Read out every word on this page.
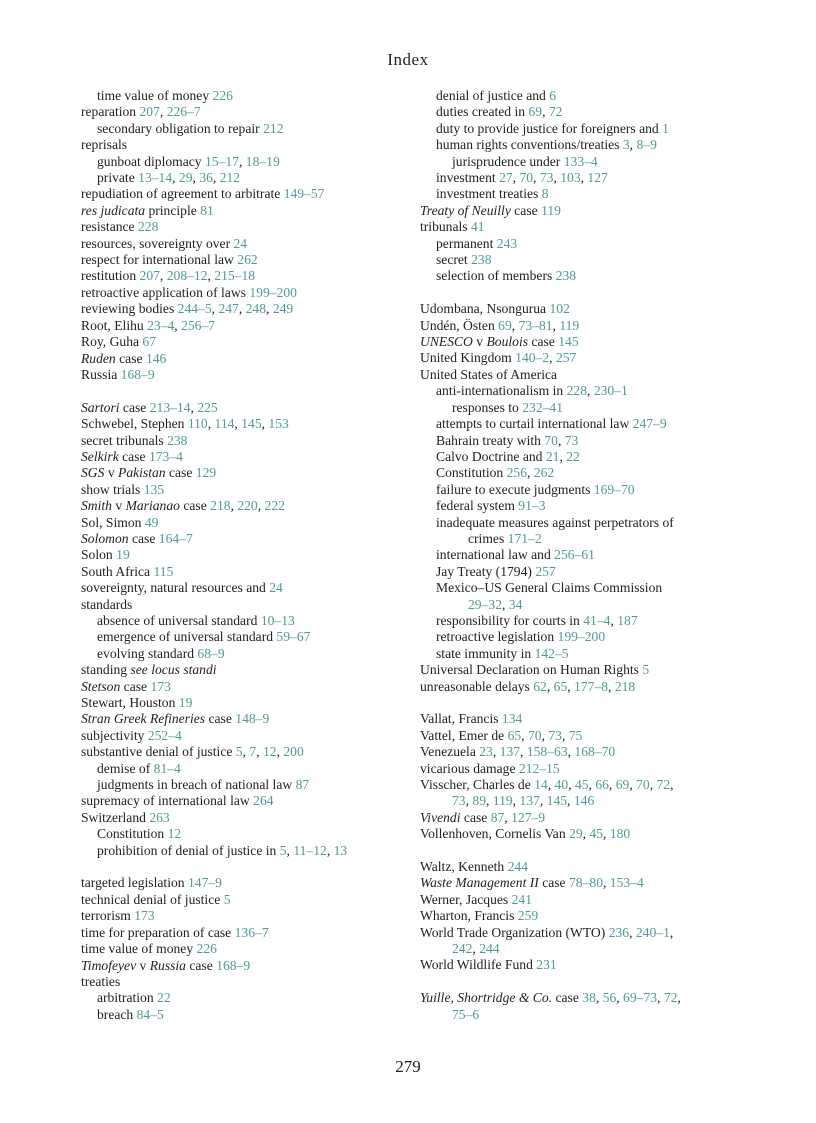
Index
time value of money 226
reparation 207, 226–7
secondary obligation to repair 212
reprisals
gunboat diplomacy 15–17, 18–19
private 13–14, 29, 36, 212
repudiation of agreement to arbitrate 149–57
res judicata principle 81
resistance 228
resources, sovereignty over 24
respect for international law 262
restitution 207, 208–12, 215–18
retroactive application of laws 199–200
reviewing bodies 244–5, 247, 248, 249
Root, Elihu 23–4, 256–7
Roy, Guha 67
Ruden case 146
Russia 168–9
Sartori case 213–14, 225
Schwebel, Stephen 110, 114, 145, 153
secret tribunals 238
Selkirk case 173–4
SGS v Pakistan case 129
show trials 135
Smith v Marianao case 218, 220, 222
Sol, Simon 49
Solomon case 164–7
Solon 19
South Africa 115
sovereignty, natural resources and 24
standards
absence of universal standard 10–13
emergence of universal standard 59–67
evolving standard 68–9
standing see locus standi
Stetson case 173
Stewart, Houston 19
Stran Greek Refineries case 148–9
subjectivity 252–4
substantive denial of justice 5, 7, 12, 200
demise of 81–4
judgments in breach of national law 87
supremacy of international law 264
Switzerland 263
Constitution 12
prohibition of denial of justice in 5, 11–12, 13
targeted legislation 147–9
technical denial of justice 5
terrorism 173
time for preparation of case 136–7
time value of money 226
Timofeyev v Russia case 168–9
treaties
arbitration 22
breach 84–5
denial of justice and 6
duties created in 69, 72
duty to provide justice for foreigners and 1
human rights conventions/treaties 3, 8–9
jurisprudence under 133–4
investment 27, 70, 73, 103, 127
investment treaties 8
Treaty of Neuilly case 119
tribunals 41
permanent 243
secret 238
selection of members 238
Udombana, Nsongurua 102
Undén, Östen 69, 73–81, 119
UNESCO v Boulois case 145
United Kingdom 140–2, 257
United States of America
anti-internationalism in 228, 230–1
responses to 232–41
attempts to curtail international law 247–9
Bahrain treaty with 70, 73
Calvo Doctrine and 21, 22
Constitution 256, 262
failure to execute judgments 169–70
federal system 91–3
inadequate measures against perpetrators of
crimes 171–2
international law and 256–61
Jay Treaty (1794) 257
Mexico–US General Claims Commission
29–32, 34
responsibility for courts in 41–4, 187
retroactive legislation 199–200
state immunity in 142–5
Universal Declaration on Human Rights 5
unreasonable delays 62, 65, 177–8, 218
Vallat, Francis 134
Vattel, Emer de 65, 70, 73, 75
Venezuela 23, 137, 158–63, 168–70
vicarious damage 212–15
Visscher, Charles de 14, 40, 45, 66, 69, 70, 72,
73, 89, 119, 137, 145, 146
Vivendi case 87, 127–9
Vollenhoven, Cornelis Van 29, 45, 180
Waltz, Kenneth 244
Waste Management II case 78–80, 153–4
Werner, Jacques 241
Wharton, Francis 259
World Trade Organization (WTO) 236, 240–1,
242, 244
World Wildlife Fund 231
Yuille, Shortridge & Co. case 38, 56, 69–73, 72,
75–6
279
